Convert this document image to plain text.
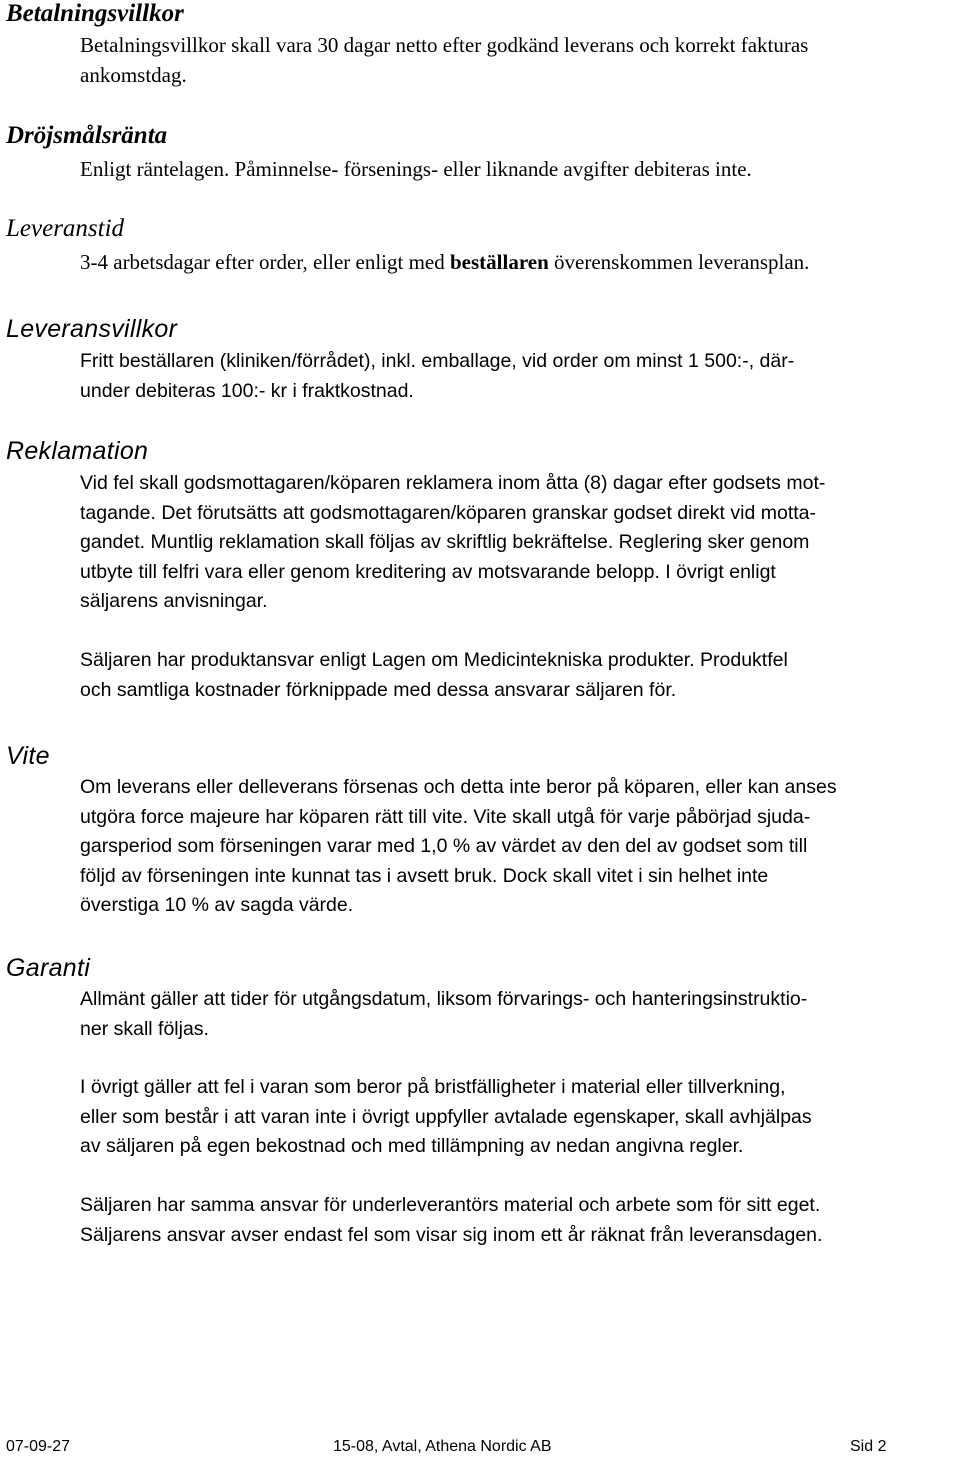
Betalningsvillkor

Betalningsvillkor skall vara 30 dagar netto efter godkänd leverans och korrekt fakturas
ankomstdag.

Dröjsmålsränta

Enligt räntelagen. Påminnelse- försenings- eller liknande avgifter debiteras inte.

Leveranstid

3-4 arbetsdagar efter order, eller enligt med beställaren överenskommen leveransplan.

Leveransvillkor

Fritt beställaren (kliniken/förrådet), inkl. emballage, vid order om minst 1 500:-, där-
under debiteras 100:- kr i fraktkostnad.

Reklamation

Vid fel skall godsmottagaren/köparen reklamera inom åtta (8) dagar efter godsets mot-
tagande. Det förutsätts att godsmottagaren/köparen granskar godset direkt vid motta-
gandet. Muntlig reklamation skall följas av skriftlig bekräftelse. Reglering sker genom
utbyte till felfri vara eller genom kreditering av motsvarande belopp. I övrigt enligt
säljarens anvisningar.

Säljaren har produktansvar enligt Lagen om Medicintekniska produkter. Produktfel
och samtliga kostnader förknippade med dessa ansvarar säljaren för.

Vite

Om leverans eller delleverans försenas och detta inte beror på köparen, eller kan anses
utgöra force majeure har köparen rätt till vite. Vite skall utgå för varje påbörjad sjuda-
garsperiod som förseningen varar med 1,0 % av värdet av den del av godset som till
följd av förseningen inte kunnat tas i avsett bruk. Dock skall vitet i sin helhet inte
överstiga 10 % av sagda värde.

Garanti

Allmänt gäller att tider för utgångsdatum, liksom förvarings- och hanteringsinstruktio-
ner skall följas.

I övrigt gäller att fel i varan som beror på bristfälligheter i material eller tillverkning,
eller som består i att varan inte i övrigt uppfyller avtalade egenskaper, skall avhjälpas
av säljaren på egen bekostnad och med tillämpning av nedan angivna regler.

Säljaren har samma ansvar för underleverantörs material och arbete som för sitt eget.
Säljarens ansvar avser endast fel som visar sig inom ett år räknat från leveransdagen.

07-09-27	15-08, Avtal, Athena Nordic AB	Sid 2
